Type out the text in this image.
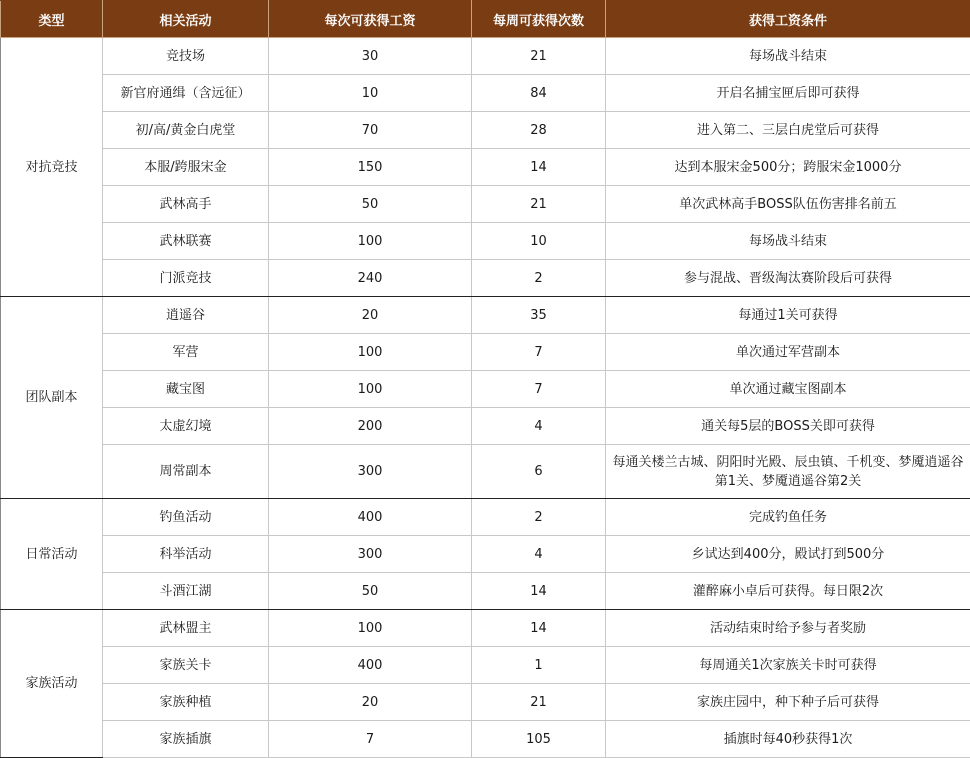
类型	相关活动	每次可获得工资	每周可获得次数	获得工资条件
对抗竞技	竞技场	30	21	每场战斗结束
	新官府通缉（含远征）	10	84	开启名捕宝匣后即可获得
	初/高/黄金白虎堂	70	28	进入第二、三层白虎堂后可获得
	本服/跨服宋金	150	14	达到本服宋金500分；跨服宋金1000分
	武林高手	50	21	单次武林高手BOSS队伍伤害排名前五
	武林联赛	100	10	每场战斗结束
	门派竞技	240	2	参与混战、晋级淘汰赛阶段后可获得
团队副本	逍遥谷	20	35	每通过1关可获得
	军营	100	7	单次通过军营副本
	藏宝图	100	7	单次通过藏宝图副本
	太虚幻境	200	4	通关每5层的BOSS关即可获得
	周常副本	300	6	每通关楼兰古城、阴阳时光殿、辰虫镇、千机变、梦魇逍遥谷第1关、梦魇逍遥谷第2关
日常活动	钓鱼活动	400	2	完成钓鱼任务
	科举活动	300	4	乡试达到400分，殿试打到500分
	斗酒江湖	50	14	灌醉麻小卓后可获得。每日限2次
家族活动	武林盟主	100	14	活动结束时给予参与者奖励
	家族关卡	400	1	每周通关1次家族关卡时可获得
	家族种植	20	21	家族庄园中，种下种子后可获得
	家族插旗	7	105	插旗时每40秒获得1次
